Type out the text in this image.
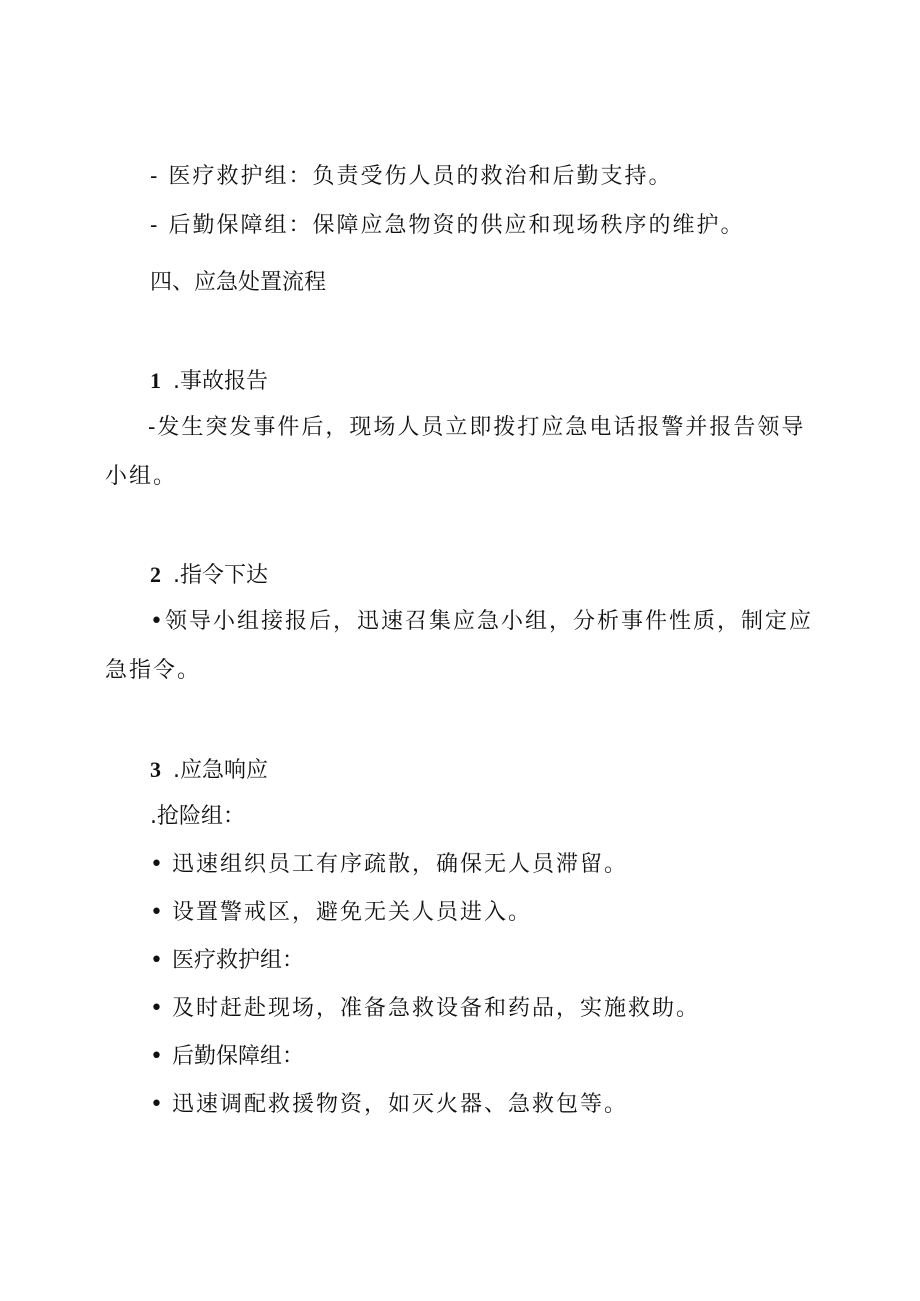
- 医疗救护组：负责受伤人员的救治和后勤支持。
- 后勤保障组：保障应急物资的供应和现场秩序的维护。
四、应急处置流程
1 .事故报告
-发生突发事件后，现场人员立即拨打应急电话报警并报告领导
小组。
2 .指令下达
•领导小组接报后，迅速召集应急小组，分析事件性质，制定应
急指令。
3 .应急响应
.抢险组：
• 迅速组织员工有序疏散，确保无人员滞留。
• 设置警戒区，避免无关人员进入。
• 医疗救护组：
• 及时赶赴现场，准备急救设备和药品，实施救助。
• 后勤保障组：
• 迅速调配救援物资，如灭火器、急救包等。
